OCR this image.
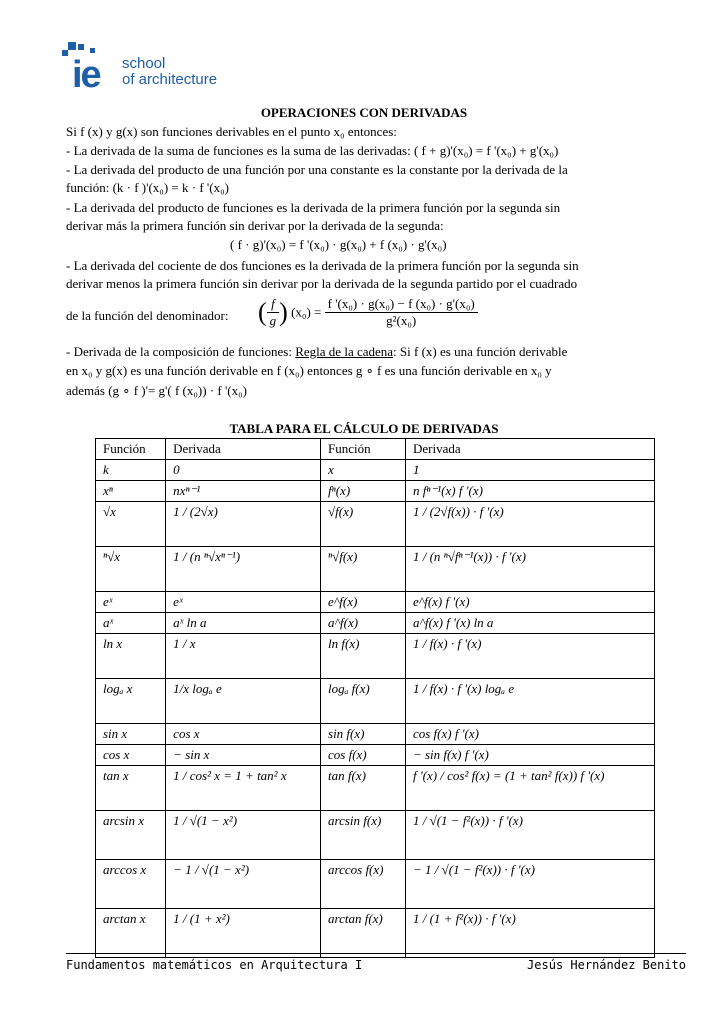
ie school
of architecture
OPERACIONES CON DERIVADAS
Si f (x) y g(x) son funciones derivables en el punto x₀ entonces:
- La derivada de la suma de funciones es la suma de las derivadas: ( f + g)'(x₀) = f '(x₀) + g'(x₀)
- La derivada del producto de una función por una constante es la constante por la derivada de la
función: (k · f )'(x₀) = k · f '(x₀)
- La derivada del producto de funciones es la derivada de la primera función por la segunda sin
derivar más la primera función sin derivar por la derivada de la segunda:
( f · g)'(x₀) = f '(x₀) · g(x₀) + f (x₀) · g'(x₀)
- La derivada del cociente de dos funciones es la derivada de la primera función por la segunda sin
derivar menos la primera función sin derivar por la derivada de la segunda partido por el cuadrado
de la función del denominador: ( $\frac{f}{g}$ ) $(x_0) = \frac{\text{f '(x₀) · g(x₀) − f (x₀) · g'(x₀)}}{\text{g²(x₀)}}$
- Derivada de la composición de funciones: Regla de la cadena: Si f (x) es una función derivable
en x₀ y g(x) es una función derivable en f (x₀) entonces g ∘ f es una función derivable en x₀ y
además (g ∘ f )'= g'( f (x₀)) · f '(x₀)
TABLA PARA EL CÁLCULO DE DERIVADAS
Función	Derivada	Función	Derivada
k	0	x	1
xⁿ	nxⁿ⁻¹	fⁿ(x)	n fⁿ⁻¹(x) f '(x)
√x	1 / (2√x)	√f(x)	1 / (2√f(x)) · f '(x)
ⁿ√x	1 / (n ⁿ√xⁿ⁻¹)	ⁿ√f(x)	1 / (n ⁿ√fⁿ⁻¹(x)) · f '(x)
eˣ	eˣ	e^f(x)	e^f(x) f '(x)
aˣ	aˣ ln a	a^f(x)	a^f(x) f '(x) ln a
ln x	1 / x	ln f(x)	1 / f(x) · f '(x)
logₐ x	1/x logₐ e	logₐ f(x)	1 / f(x) · f '(x) logₐ e
sin x	cos x	sin f(x)	cos f(x) f '(x)
cos x	− sin x	cos f(x)	− sin f(x) f '(x)
tan x	1 / cos² x = 1 + tan² x	tan f(x)	f '(x) / cos² f(x) = (1 + tan² f(x)) f '(x)
arcsin x	1 / √(1 − x²)	arcsin f(x)	1 / √(1 − f²(x)) · f '(x)
arccos x	− 1 / √(1 − x²)	arccos f(x)	− 1 / √(1 − f²(x)) · f '(x)
arctan x	1 / (1 + x²)	arctan f(x)	1 / (1 + f²(x)) · f '(x)
Fundamentos matemáticos en Arquitectura I	Jesús Hernández Benito
